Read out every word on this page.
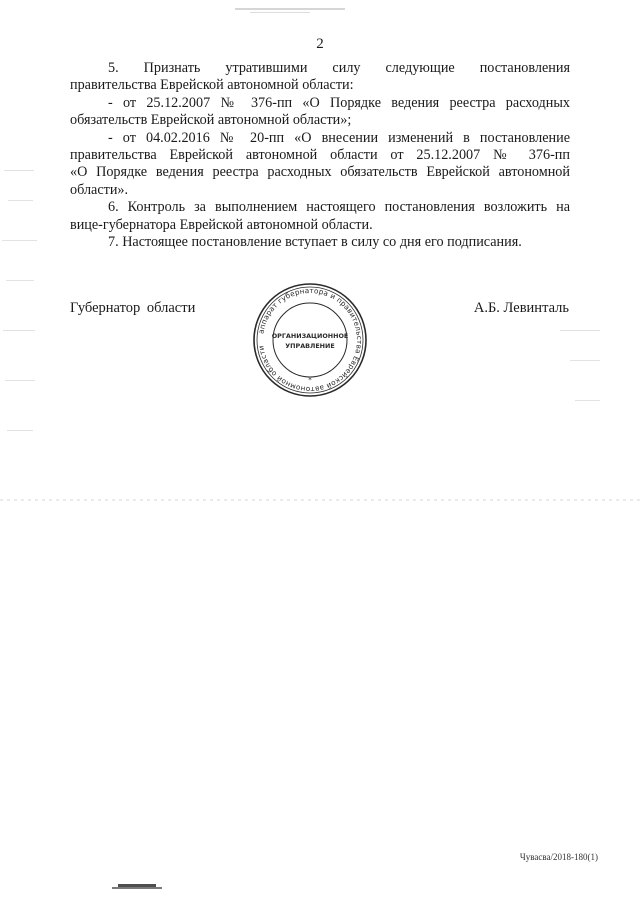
2

5. Признать утратившими силу следующие постановления

правительства Еврейской автономной области:

- от 25.12.2007 № 376-пп «О Порядке ведения реестра расходных

обязательств Еврейской автономной области»;

- от 04.02.2016 № 20-пп «О внесении изменений в постановление

правительства Еврейской автономной области от 25.12.2007 № 376-пп

«О Порядке ведения реестра расходных обязательств Еврейской автономной

области».

6. Контроль за выполнением настоящего постановления возложить на

вице-губернатора Еврейской автономной области.

7. Настоящее постановление вступает в силу со дня его подписания.

Губернатор области	А.Б. Левинталь
аппарат губернатора и правительства Еврейской автономной области
*
ОРГАНИЗАЦИОННОЕ
УПРАВЛЕНИЕ
Чувасва/2018-180(1)
